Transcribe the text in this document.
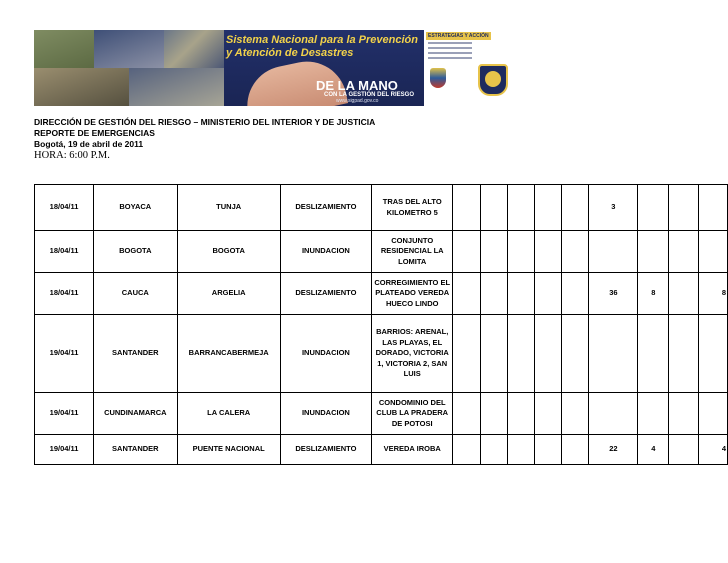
Sistema Nacional para la Prevención
y Atención de Desastres
DE LA MANO
CON LA GESTIÓN DEL RIESGO
www.sigpad.gov.co
ESTRATEGIAS Y ACCIÓN
DIRECCIÓN DE GESTIÓN DEL RIESGO – MINISTERIO DEL INTERIOR Y DE JUSTICIA
REPORTE DE EMERGENCIAS
Bogotá, 19 de abril de 2011
HORA: 6:00 P.M.
18/04/11	BOYACA	TUNJA	DESLIZAMIENTO	TRAS DEL ALTO KILOMETRO 5						3			
18/04/11	BOGOTA	BOGOTA	INUNDACION	CONJUNTO RESIDENCIAL LA LOMITA									
18/04/11	CAUCA	ARGELIA	DESLIZAMIENTO	CORREGIMIENTO EL PLATEADO VEREDA HUECO LINDO						36	8		8
19/04/11	SANTANDER	BARRANCABERMEJA	INUNDACION	BARRIOS: ARENAL, LAS PLAYAS, EL DORADO, VICTORIA 1, VICTORIA 2, SAN LUIS									
19/04/11	CUNDINAMARCA	LA CALERA	INUNDACION	CONDOMINIO DEL CLUB LA PRADERA DE POTOSI									
19/04/11	SANTANDER	PUENTE NACIONAL	DESLIZAMIENTO	VEREDA IROBA						22	4		4
